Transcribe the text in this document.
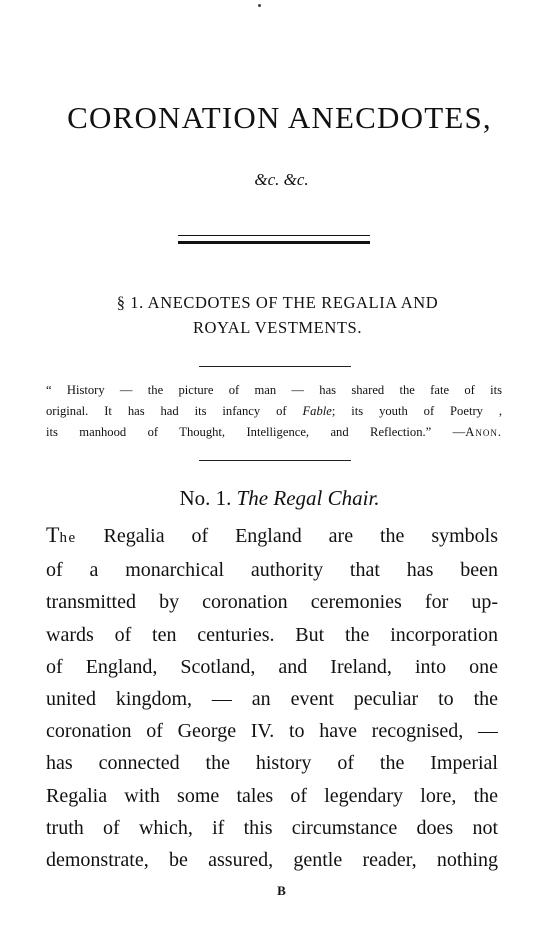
CORONATION ANECDOTES,
&c. &c.
§ 1. ANECDOTES OF THE REGALIA AND
ROYAL VESTMENTS.

“ History — the picture of man — has shared the fate of its

original. It has had its infancy of Fable; its youth of Poetry ,

its manhood of Thought, Intelligence, and Reflection.” —Anon.

No. 1. The Regal Chair.
The Regalia of England are the symbols
of a monarchical authority that has been
transmitted by coronation ceremonies for up-
wards of ten centuries. But the incorporation
of England, Scotland, and Ireland, into one
united kingdom, — an event peculiar to the
coronation of George IV. to have recognised, —
has connected the history of the Imperial
Regalia with some tales of legendary lore, the
truth of which, if this circumstance does not
demonstrate, be assured, gentle reader, nothing
B
